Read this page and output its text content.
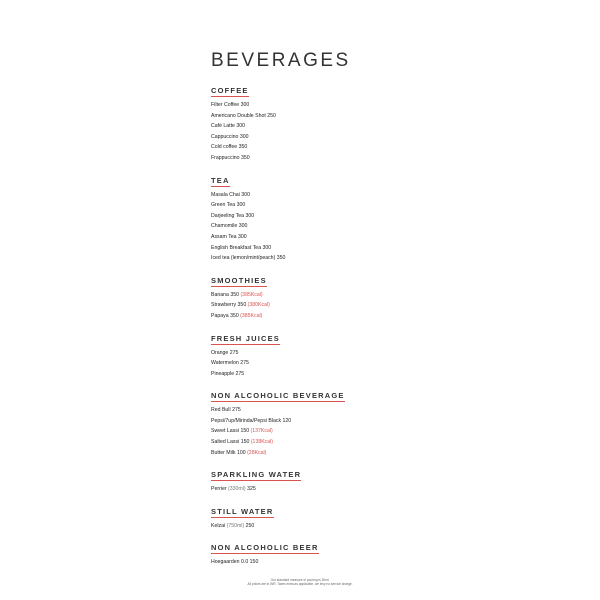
BEVERAGES
COFFEE
Filter Coffee 300
Americano Double Shot 250
Café Latte 300
Cappuccino 300
Cold coffee 350
Frappuccino 350
TEA
Masala Chai 300
Green Tea 300
Darjeeling Tea 300
Chamomile 300
Assam Tea 300
English Breakfast Tea 300
Iced tea (lemon/mint/peach) 350
SMOOTHIES
Banana 350 (385Kcal)
Strawberry 350 (380Kcal)
Papaya 350 (385Kcal)
FRESH JUICES
Orange 275
Watermelon 275
Pineapple 275
NON ALCOHOLIC BEVERAGE
Red Bull 275
Pepsi/7up/Mirinda/Pepsi Black 120
Sweet Lassi 150 (137Kcal)
Salted Lassi 150 (138Kcal)
Butter Milk 100 (28Kcal)
SPARKLING WATER
Perrier (330ml) 325
STILL WATER
Kelzai (750ml) 250
NON ALCOHOLIC BEER
Hoegaarden 0.0 150
Our standard measure of pouring is 30ml.
All prices are in INR. Taxes extra as applicable, we levy no service charge.
